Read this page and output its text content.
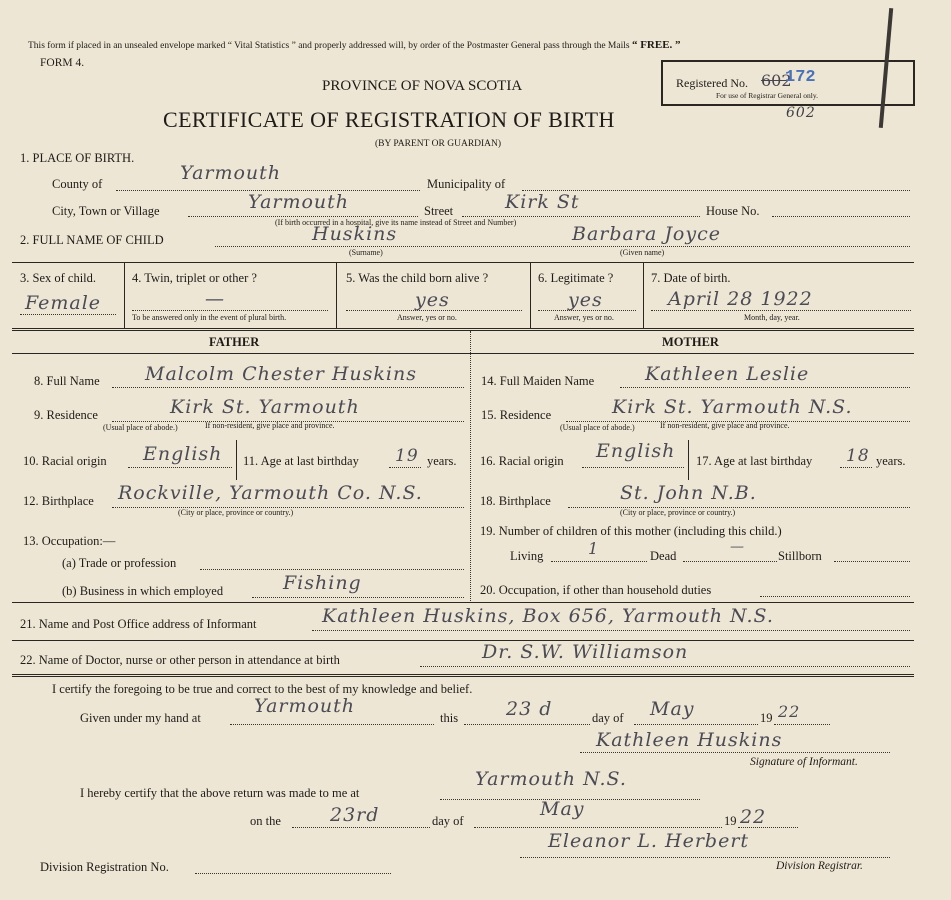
This form if placed in an unsealed envelope marked “ Vital Statistics ” and properly addressed will, by order of the Postmaster General pass through the Mails “ FREE. ”
FORM 4.
Registered No. 602
172
For use of Registrar General only.
602
PROVINCE OF NOVA SCOTIA
CERTIFICATE OF REGISTRATION OF BIRTH
(BY PARENT OR GUARDIAN)
1. PLACE OF BIRTH.
County of	Yarmouth	Municipality of
City, Town or Village	Yarmouth	Street	Kirk St	House No.
(If birth occurred in a hospital, give its name instead of Street and Number)
2. FULL NAME OF CHILD	Huskins	Barbara Joyce
(Surname)	(Given name)
3. Sex of child.
Female
4. Twin, triplet or other ?
—
To be answered only in the event of plural birth.
5. Was the child born alive ?
yes
Answer, yes or no.
6. Legitimate ?
yes
Answer, yes or no.
7. Date of birth.
April 28 1922
Month, day, year.
FATHER	MOTHER
8. Full Name Malcolm Chester Huskins
9. Residence	Kirk St. Yarmouth
(Usual place of abode.)	If non-resident, give place and province.
10. Racial origin English 11. Age at last birthday 19 years.
12. Birthplace Rockville, Yarmouth Co. N.S.
(City or place, province or country.)
13. Occupation:—
(a) Trade or profession
(b) Business in which employed	Fishing
14. Full Maiden Name	Kathleen Leslie
15. Residence	Kirk St. Yarmouth N.S.
(Usual place of abode.)	If non-resident, give place and province.
16. Racial origin English 17. Age at last birthday 18 years.
18. Birthplace	St. John N.B.
(City or place, province or country.)
19. Number of children of this mother (including this child.)
Living	1	Dead
—
Stillborn
20. Occupation, if other than household duties
21. Name and Post Office address of Informant	Kathleen Huskins, Box 656, Yarmouth N.S.
22. Name of Doctor, nurse or other person in attendance at birth	Dr. S.W. Williamson
I certify the foregoing to be true and correct to the best of my knowledge and belief.
Given under my hand at
Yarmouth
this	23 d	day of May	19 22
Kathleen Huskins
Signature of Informant.
I hereby certify that the above return was made to me at
Yarmouth N.S.
on the	23rd	day of
May
19 22
Eleanor L. Herbert
Division Registration No.	Division Registrar.
